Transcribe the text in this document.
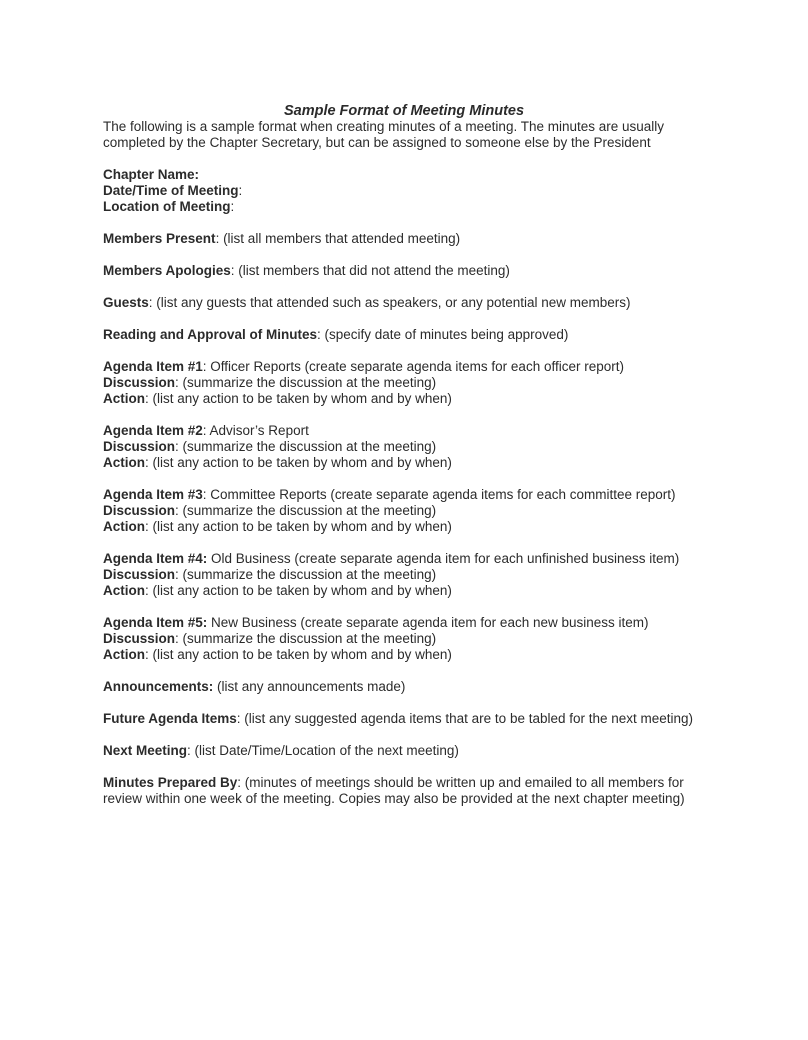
Sample Format of Meeting Minutes
The following is a sample format when creating minutes of a meeting. The minutes are usually completed by the Chapter Secretary, but can be assigned to someone else by the President
Chapter Name:
Date/Time of Meeting:
Location of Meeting:
Members Present: (list all members that attended meeting)
Members Apologies: (list members that did not attend the meeting)
Guests: (list any guests that attended such as speakers, or any potential new members)
Reading and Approval of Minutes: (specify date of minutes being approved)
Agenda Item #1: Officer Reports (create separate agenda items for each officer report)
Discussion: (summarize the discussion at the meeting)
Action: (list any action to be taken by whom and by when)
Agenda Item #2: Advisor’s Report
Discussion: (summarize the discussion at the meeting)
Action: (list any action to be taken by whom and by when)
Agenda Item #3: Committee Reports (create separate agenda items for each committee report)
Discussion: (summarize the discussion at the meeting)
Action: (list any action to be taken by whom and by when)
Agenda Item #4: Old Business (create separate agenda item for each unfinished business item)
Discussion: (summarize the discussion at the meeting)
Action: (list any action to be taken by whom and by when)
Agenda Item #5: New Business (create separate agenda item for each new business item)
Discussion: (summarize the discussion at the meeting)
Action: (list any action to be taken by whom and by when)
Announcements: (list any announcements made)
Future Agenda Items: (list any suggested agenda items that are to be tabled for the next meeting)
Next Meeting: (list Date/Time/Location of the next meeting)
Minutes Prepared By: (minutes of meetings should be written up and emailed to all members for review within one week of the meeting. Copies may also be provided at the next chapter meeting)
